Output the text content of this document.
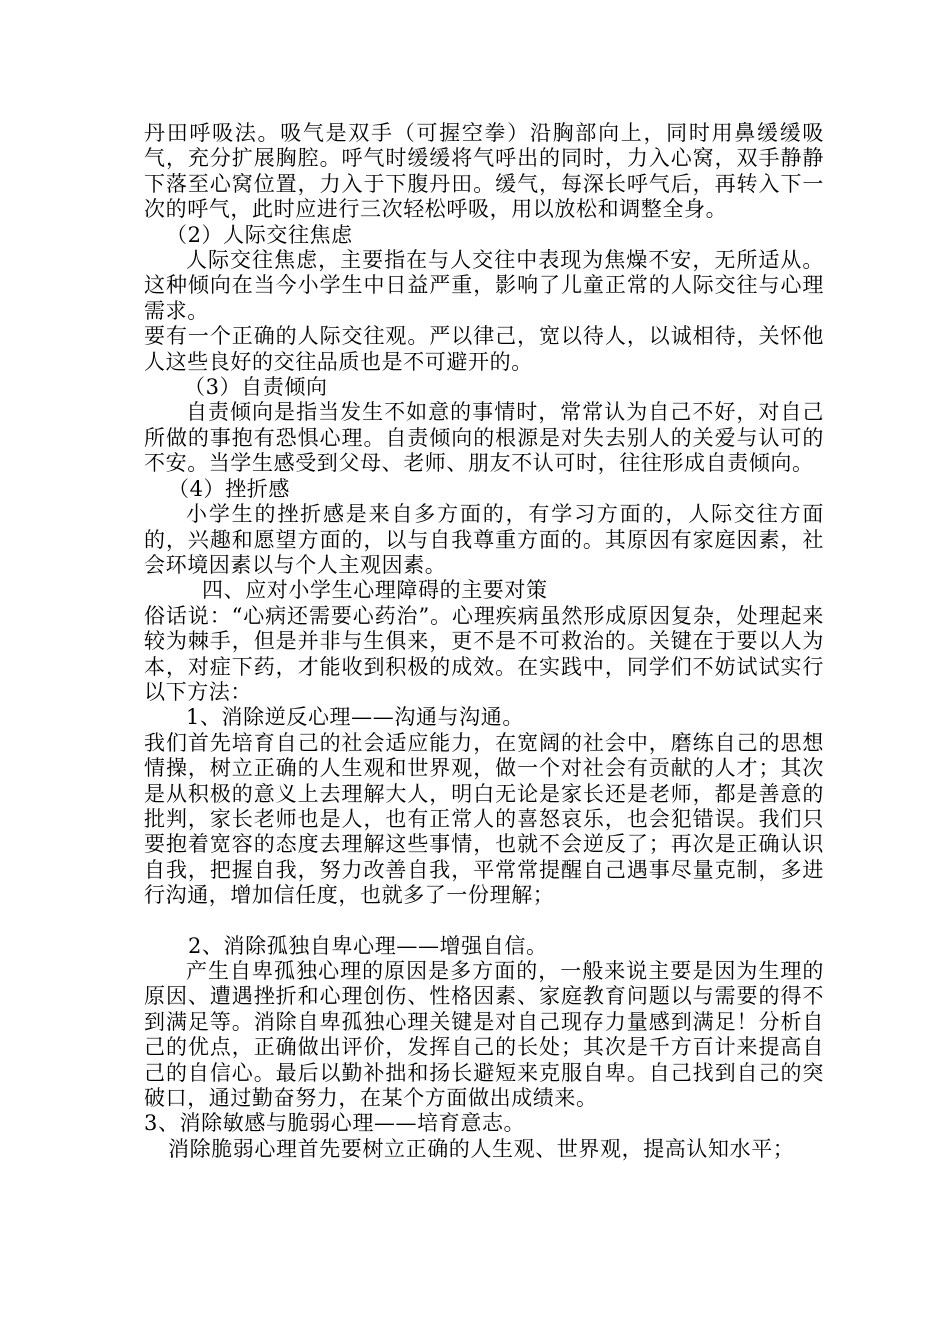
丹田呼吸法。吸气是双手（可握空拳）沿胸部向上，同时用鼻缓缓吸气，充分扩展胸腔。呼气时缓缓将气呼出的同时，力入心窝，双手静静下落至心窝位置，力入于下腹丹田。缓气，每深长呼气后，再转入下一次的呼气，此时应进行三次轻松呼吸，用以放松和调整全身。

（2）人际交往焦虑

人际交往焦虑，主要指在与人交往中表现为焦燥不安，无所适从。这种倾向在当今小学生中日益严重，影响了儿童正常的人际交往与心理需求。

要有一个正确的人际交往观。严以律己，宽以待人，以诚相待，关怀他人这些良好的交往品质也是不可避开的。

（3）自责倾向

自责倾向是指当发生不如意的事情时，常常认为自己不好，对自己所做的事抱有恐惧心理。自责倾向的根源是对失去别人的关爱与认可的不安。当学生感受到父母、老师、朋友不认可时，往往形成自责倾向。

（4）挫折感

小学生的挫折感是来自多方面的，有学习方面的，人际交往方面的，兴趣和愿望方面的，以与自我尊重方面的。其原因有家庭因素，社会环境因素以与个人主观因素。

四、应对小学生心理障碍的主要对策

俗话说：“心病还需要心药治”。心理疾病虽然形成原因复杂，处理起来较为棘手，但是并非与生俱来，更不是不可救治的。关键在于要以人为本，对症下药，才能收到积极的成效。在实践中，同学们不妨试试实行以下方法：

1、消除逆反心理——沟通与沟通。

我们首先培育自己的社会适应能力，在宽阔的社会中，磨练自己的思想情操，树立正确的人生观和世界观，做一个对社会有贡献的人才；其次是从积极的意义上去理解大人，明白无论是家长还是老师，都是善意的批判，家长老师也是人，也有正常人的喜怒哀乐，也会犯错误。我们只要抱着宽容的态度去理解这些事情，也就不会逆反了；再次是正确认识自我，把握自我，努力改善自我，平常常提醒自己遇事尽量克制，多进行沟通，增加信任度，也就多了一份理解；

2、消除孤独自卑心理——增强自信。

产生自卑孤独心理的原因是多方面的，一般来说主要是因为生理的原因、遭遇挫折和心理创伤、性格因素、家庭教育问题以与需要的得不到满足等。消除自卑孤独心理关键是对自己现存力量感到满足！分析自己的优点，正确做出评价，发挥自己的长处；其次是千方百计来提高自己的自信心。最后以勤补拙和扬长避短来克服自卑。自己找到自己的突破口，通过勤奋努力，在某个方面做出成绩来。

3、消除敏感与脆弱心理——培育意志。

消除脆弱心理首先要树立正确的人生观、世界观，提高认知水平；
